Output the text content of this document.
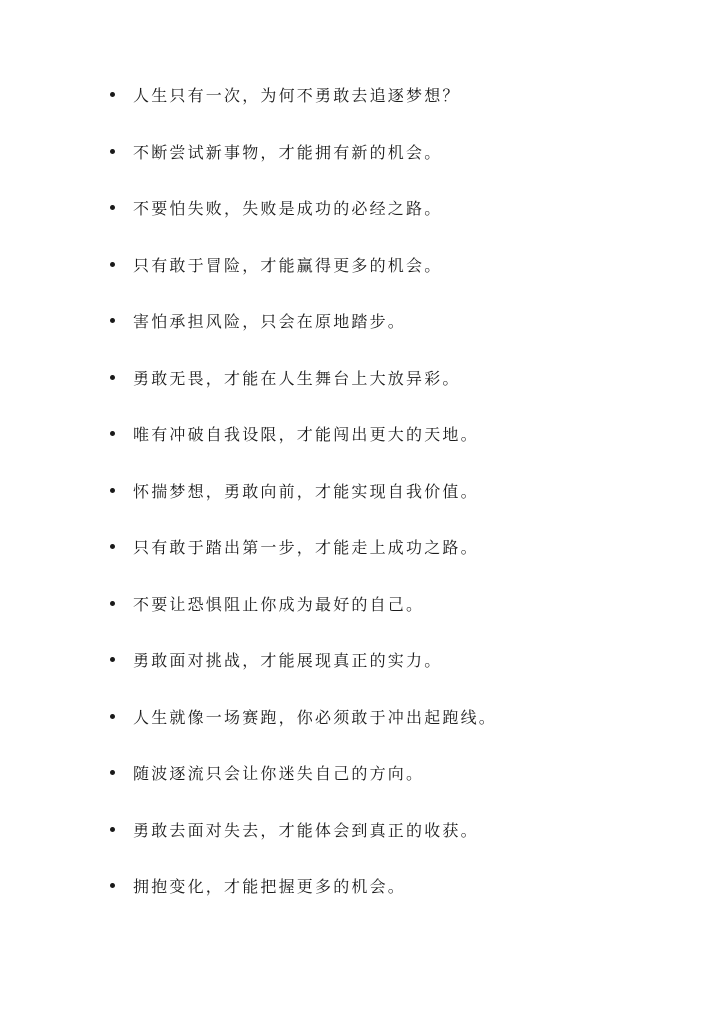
人生只有一次，为何不勇敢去追逐梦想？
不断尝试新事物，才能拥有新的机会。
不要怕失败，失败是成功的必经之路。
只有敢于冒险，才能赢得更多的机会。
害怕承担风险，只会在原地踏步。
勇敢无畏，才能在人生舞台上大放异彩。
唯有冲破自我设限，才能闯出更大的天地。
怀揣梦想，勇敢向前，才能实现自我价值。
只有敢于踏出第一步，才能走上成功之路。
不要让恐惧阻止你成为最好的自己。
勇敢面对挑战，才能展现真正的实力。
人生就像一场赛跑，你必须敢于冲出起跑线。
随波逐流只会让你迷失自己的方向。
勇敢去面对失去，才能体会到真正的收获。
拥抱变化，才能把握更多的机会。
